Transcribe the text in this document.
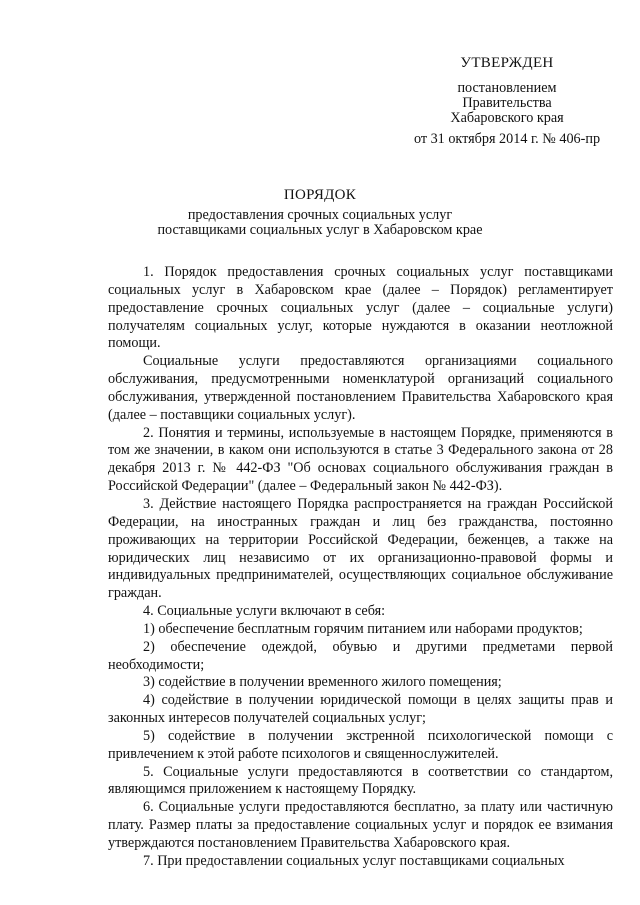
УТВЕРЖДЕН
постановлением
Правительства
Хабаровского края
от 31 октября 2014 г. № 406-пр
ПОРЯДОК
предоставления срочных социальных услуг
поставщиками социальных услуг в Хабаровском крае

1. Порядок предоставления срочных социальных услуг поставщиками социальных услуг в Хабаровском крае (далее – Порядок) регламентирует предоставление срочных социальных услуг (далее – социальные услуги) получателям социальных услуг, которые нуждаются в оказании неотложной помощи.

Социальные услуги предоставляются организациями социального обслуживания, предусмотренными номенклатурой организаций социального обслуживания, утвержденной постановлением Правительства Хабаровского края (далее – поставщики социальных услуг).

2. Понятия и термины, используемые в настоящем Порядке, применяются в том же значении, в каком они используются в статье 3 Федерального закона от 28 декабря 2013 г. № 442-ФЗ "Об основах социального обслуживания граждан в Российской Федерации" (далее – Федеральный закон № 442-ФЗ).

3. Действие настоящего Порядка распространяется на граждан Российской Федерации, на иностранных граждан и лиц без гражданства, постоянно проживающих на территории Российской Федерации, беженцев, а также на юридических лиц независимо от их организационно-правовой формы и индивидуальных предпринимателей, осуществляющих социальное обслуживание граждан.

4. Социальные услуги включают в себя:

1) обеспечение бесплатным горячим питанием или наборами продуктов;

2) обеспечение одеждой, обувью и другими предметами первой необходимости;

3) содействие в получении временного жилого помещения;

4) содействие в получении юридической помощи в целях защиты прав и законных интересов получателей социальных услуг;

5) содействие в получении экстренной психологической помощи с привлечением к этой работе психологов и священнослужителей.

5. Социальные услуги предоставляются в соответствии со стандартом, являющимся приложением к настоящему Порядку.

6. Социальные услуги предоставляются бесплатно, за плату или частичную плату. Размер платы за предоставление социальных услуг и порядок ее взимания утверждаются постановлением Правительства Хабаровского края.

7. При предоставлении социальных услуг поставщиками социальных
